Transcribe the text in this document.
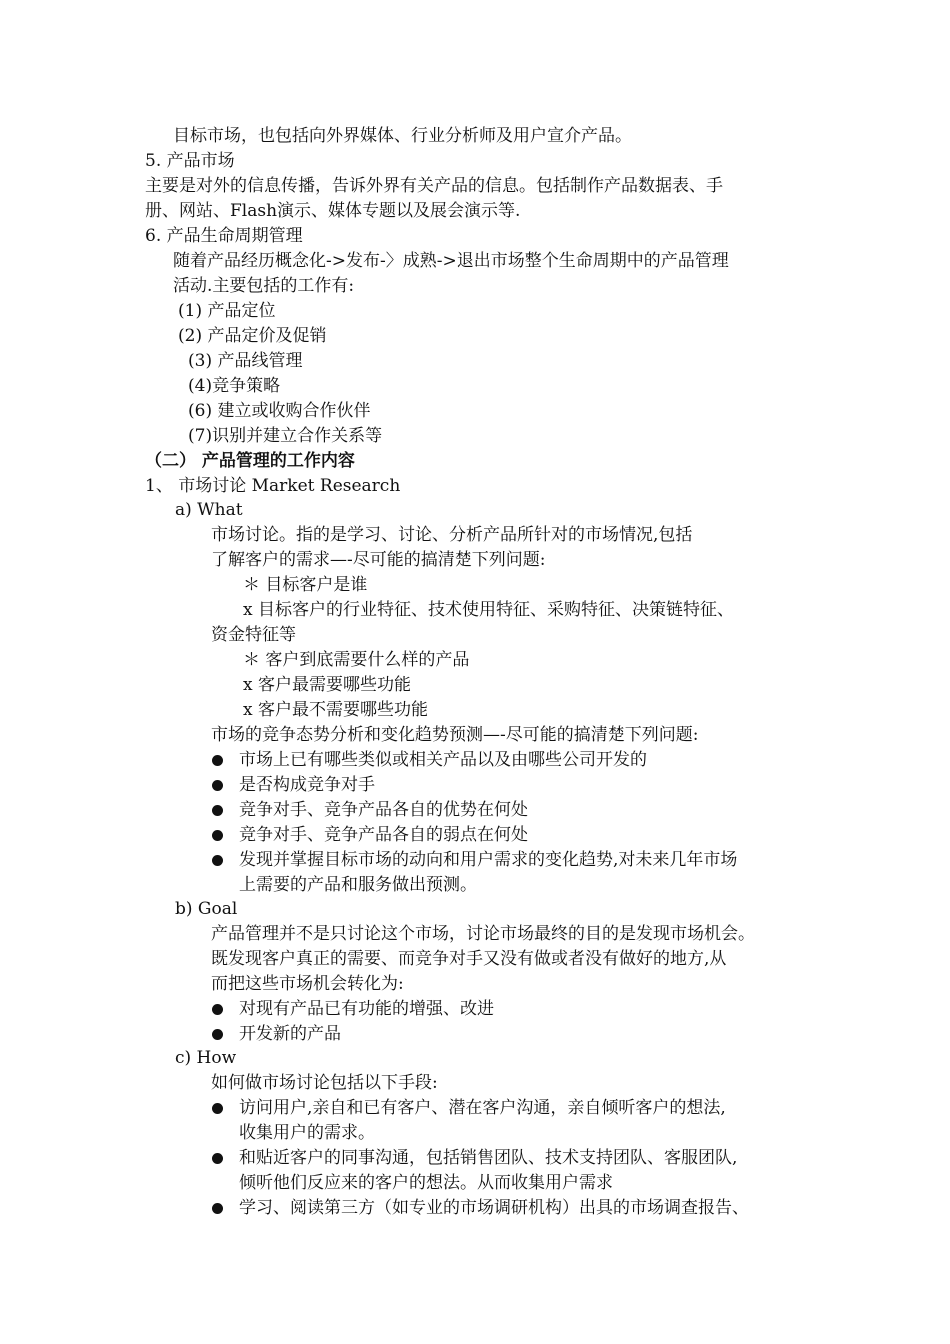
目标市场，也包括向外界媒体、行业分析师及用户宣介产品。
5. 产品市场
主要是对外的信息传播，告诉外界有关产品的信息。包括制作产品数据表、手
册、网站、Flash演示、媒体专题以及展会演示等.
6. 产品生命周期管理
随着产品经历概念化->发布-〉成熟->退出市场整个生命周期中的产品管理
活动.主要包括的工作有:
(1) 产品定位
(2) 产品定价及促销
(3) 产品线管理
(4)竞争策略
(6) 建立或收购合作伙伴
(7)识别并建立合作关系等
（二） 产品管理的工作内容
1、 市场讨论 Market Research
a) What
市场讨论。指的是学习、讨论、分析产品所针对的市场情况,包括
了解客户的需求—-尽可能的搞清楚下列问题:
＊ 目标客户是谁
ⅹ 目标客户的行业特征、技术使用特征、采购特征、决策链特征、
资金特征等
＊ 客户到底需要什么样的产品
ⅹ 客户最需要哪些功能
ⅹ 客户最不需要哪些功能
市场的竞争态势分析和变化趋势预测—-尽可能的搞清楚下列问题:
市场上已有哪些类似或相关产品以及由哪些公司开发的
是否构成竞争对手
竞争对手、竞争产品各自的优势在何处
竞争对手、竞争产品各自的弱点在何处
发现并掌握目标市场的动向和用户需求的变化趋势,对未来几年市场
上需要的产品和服务做出预测。
b) Goal
产品管理并不是只讨论这个市场，讨论市场最终的目的是发现市场机会。
既发现客户真正的需要、而竞争对手又没有做或者没有做好的地方,从
而把这些市场机会转化为:
对现有产品已有功能的增强、改进
开发新的产品
c) How
如何做市场讨论包括以下手段:
访问用户,亲自和已有客户、潜在客户沟通，亲自倾听客户的想法,
收集用户的需求。
和贴近客户的同事沟通，包括销售团队、技术支持团队、客服团队,
倾听他们反应来的客户的想法。从而收集用户需求
学习、阅读第三方（如专业的市场调研机构）出具的市场调查报告、
